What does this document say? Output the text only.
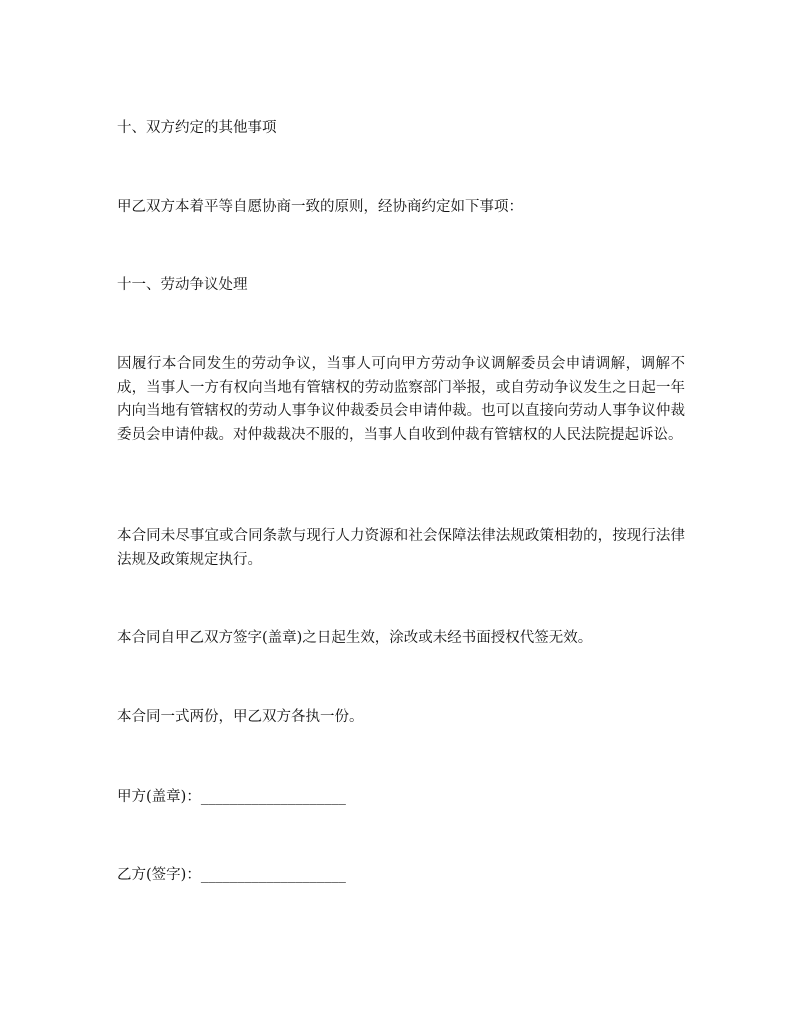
十、双方约定的其他事项

甲乙双方本着平等自愿协商一致的原则，经协商约定如下事项：

十一、劳动争议处理

因履行本合同发生的劳动争议，当事人可向甲方劳动争议调解委员会申请调解，调解不成，当事人一方有权向当地有管辖权的劳动监察部门举报，或自劳动争议发生之日起一年内向当地有管辖权的劳动人事争议仲裁委员会申请仲裁。也可以直接向劳动人事争议仲裁委员会申请仲裁。对仲裁裁决不服的，当事人自收到仲裁有管辖权的人民法院提起诉讼。

本合同未尽事宜或合同条款与现行人力资源和社会保障法律法规政策相勃的，按现行法律法规及政策规定执行。

本合同自甲乙双方签字(盖章)之日起生效，涂改或未经书面授权代签无效。

本合同一式两份，甲乙双方各执一份。

甲方(盖章)：____________________

乙方(签字)：____________________
